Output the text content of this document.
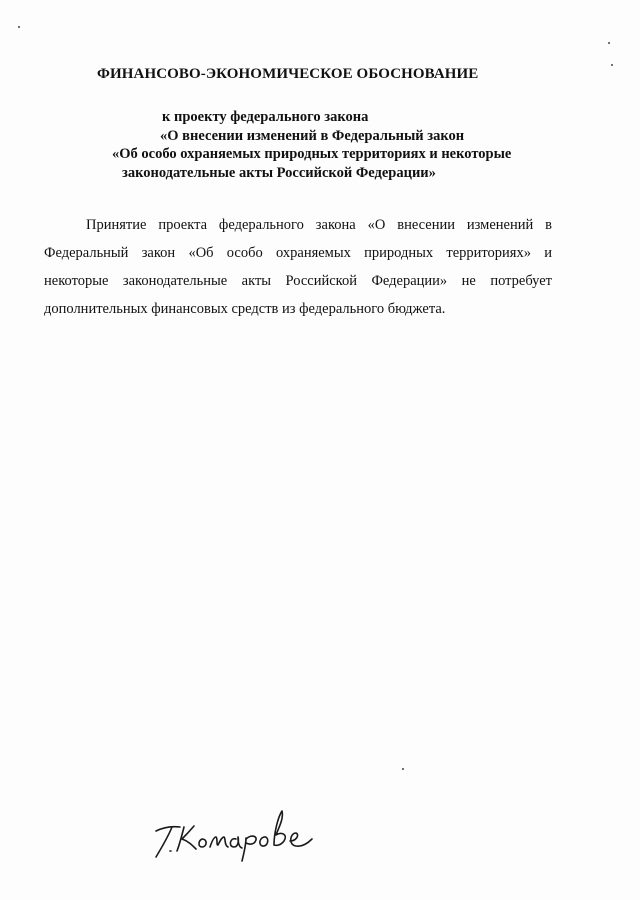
ФИНАНСОВО-ЭКОНОМИЧЕСКОЕ ОБОСНОВАНИЕ
к проекту федерального закона
«О внесении изменений в Федеральный закон
«Об особо охраняемых природных территориях и некоторые
законодательные акты Российской Федерации»

Принятие проекта федерального закона «О внесении изменений в Федеральный закон «Об особо охраняемых природных территориях» и некоторые законодательные акты Российской Федерации» не потребует дополнительных финансовых средств из федерального бюджета.
